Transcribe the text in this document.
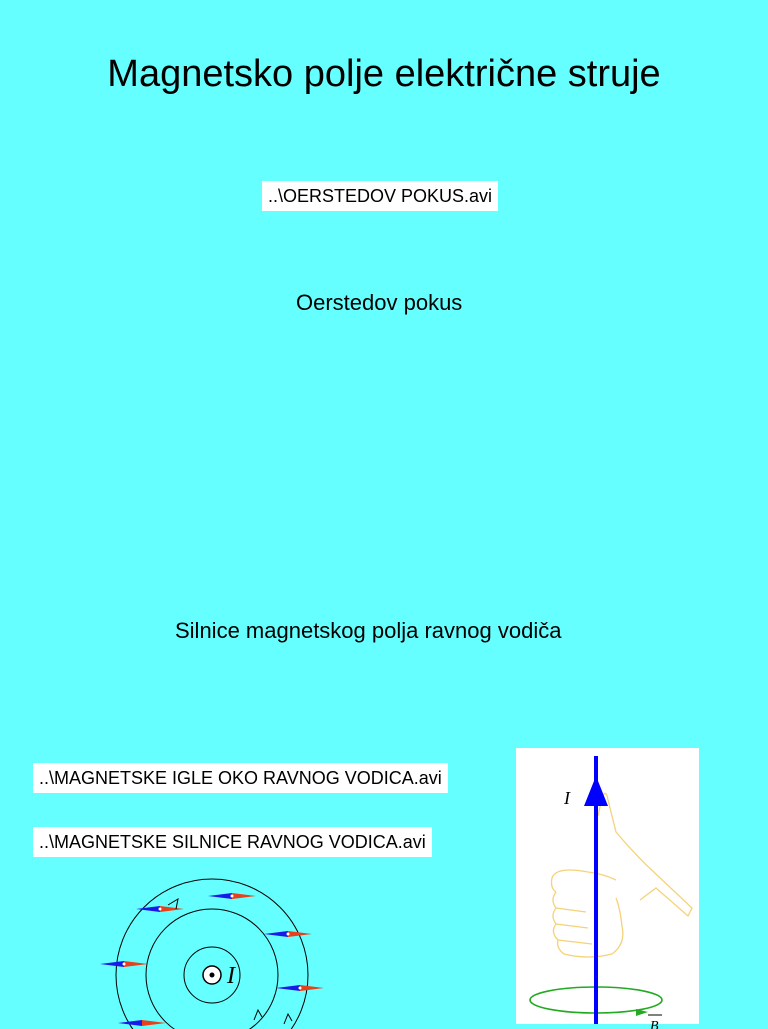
Magnetsko polje električne struje
..\OERSTEDOV POKUS.avi
Oerstedov pokus
Silnice magnetskog polja ravnog vodiča
..\MAGNETSKE IGLE OKO RAVNOG VODICA.avi
..\MAGNETSKE SILNICE RAVNOG VODICA.avi
I
I
B
